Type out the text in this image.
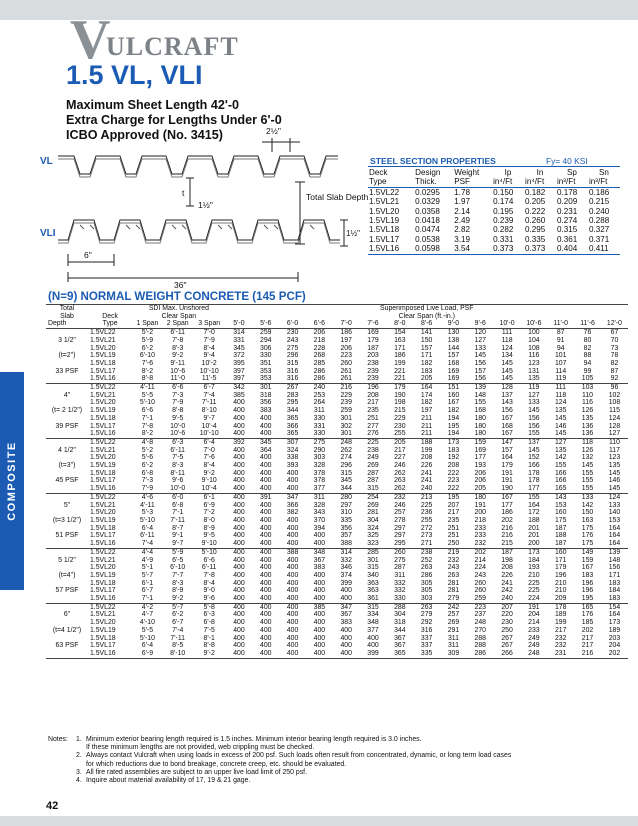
V
ULCRAFT
1.5 VL, VLI
Maximum Sheet Length 42'-0
Extra Charge for Lengths Under 6'-0
ICBO Approved (No. 3415)	2½"
VL
VLI
Total Slab Depth
t
1½"
1½"
6"
36"
STEEL SECTION PROPERTIES	Fy= 40 KSI
Deck	Design	Weight	Ip	In	Sp	Sn
Type	Thick.	PSF	in⁴/Ft	in⁴/Ft	in³/Ft	in³/Ft
1.5VL22	0.0295	1.78	0.150	0.182	0.178	0.186
1.5VL21	0.0329	1.97	0.174	0.205	0.209	0.215
1.5VL20	0.0358	2.14	0.195	0.222	0.231	0.240
1.5VL19	0.0418	2.49	0.239	0.260	0.274	0.288
1.5VL18	0.0474	2.82	0.282	0.295	0.315	0.327
1.5VL17	0.0538	3.19	0.331	0.335	0.361	0.371
1.5VL16	0.0598	3.54	0.373	0.373	0.404	0.411
(N=9) NORMAL WEIGHT CONCRETE (145 PCF)
COMPOSITE
Total		SDI Max. Unshored			Superimposed Live Load, PSF														
Slab	Deck	Clear Span			Clear Span (ft.-in.)														
Depth	Type	1 Span	2 Span	3 Span	5'-0	5'-6	6'-0	6'-6	7'-0	7'-6	8'-0	8'-6	9'-0	9'-6	10'-0	10'-6	11'-0	11'-6	12'-0
	1.5VL22	5'-2	6'-11	7'-0	314	259	230	206	186	169	154	141	130	120	111	100	87	76	67
3 1/2"	1.5VL21	5'-9	7'-8	7'-9	331	294	243	218	197	179	163	150	138	127	118	104	91	80	70
	1.5VL20	6'-2	8'-3	8'-4	345	306	275	228	206	187	171	157	144	133	124	108	94	82	73
(t=2")	1.5VL19	6'-10	9'-2	9'-4	372	330	296	268	223	203	186	171	157	145	134	116	101	88	78
	1.5VL18	7'-6	9'-11	10'-2	395	351	315	285	260	238	199	182	168	156	145	123	107	94	82
33 PSF	1.5VL17	8'-2	10'-6	10'-10	397	353	316	286	261	239	221	183	169	157	145	131	114	99	87
	1.5VL16	8'-8	11'-0	11'-5	397	353	316	286	261	239	221	205	169	156	145	135	119	105	92
	1.5VL22	4'-11	6'-6	6'-7	342	301	267	240	216	196	179	164	151	139	128	119	111	103	96
4"	1.5VL21	5'-5	7'-3	7'-4	385	318	283	253	229	208	190	174	160	148	137	127	118	110	102
	1.5VL20	5'-10	7'-9	7'-11	400	356	295	264	239	217	198	182	167	155	143	133	124	116	108
(t= 2 1/2")	1.5VL19	6'-6	8'-8	8'-10	400	383	344	311	259	235	215	197	182	168	156	145	135	126	115
	1.5VL18	7'-1	9'-5	9'-7	400	400	365	330	301	251	229	211	194	180	167	156	145	135	124
39 PSF	1.5VL17	7'-8	10'-0	10'-4	400	400	366	331	302	277	230	211	195	180	168	156	146	136	128
	1.5VL16	8'-2	10'-6	10'-10	400	400	365	330	301	276	255	211	194	180	167	155	145	136	127
	1.5VL22	4'-8	6'-3	6'-4	392	345	307	275	248	225	205	188	173	159	147	137	127	118	110
4 1/2"	1.5VL21	5'-2	6'-11	7'-0	400	364	324	290	262	238	217	199	183	169	157	145	135	126	117
	1.5VL20	5'-6	7'-5	7'-6	400	400	338	303	274	249	227	208	192	177	164	152	142	132	123
(t=3")	1.5VL19	6'-2	8'-3	8'-4	400	400	393	328	296	269	246	226	208	193	179	166	155	145	135
	1.5VL18	6'-8	8'-11	9'-2	400	400	400	378	315	287	262	241	222	206	191	178	166	155	145
45 PSF	1.5VL17	7'-3	9'-6	9'-10	400	400	400	378	345	287	263	241	223	206	191	178	166	155	146
	1.5VL16	7'-9	10'-0	10'-4	400	400	400	377	344	315	262	240	222	205	190	177	165	155	145
	1.5VL22	4'-6	6'-0	6'-1	400	391	347	311	280	254	232	213	195	180	167	155	143	133	124
5"	1.5VL21	4'-11	6'-8	6'-9	400	400	366	328	297	269	246	225	207	191	177	164	153	142	133
	1.5VL20	5'-3	7'-1	7'-2	400	400	382	343	310	281	257	236	217	200	186	172	160	150	140
(t=3 1/2")	1.5VL19	5'-10	7'-11	8'-0	400	400	400	370	335	304	278	255	235	218	202	188	175	163	153
	1.5VL18	6'-4	8'-7	8'-9	400	400	400	394	356	324	297	272	251	233	216	201	187	175	164
51 PSF	1.5VL17	6'-11	9'-1	9'-5	400	400	400	400	357	325	297	273	251	233	216	201	188	176	164
	1.5VL16	7'-4	9'-7	9'-10	400	400	400	400	388	323	295	271	250	232	215	200	187	175	164
	1.5VL22	4'-4	5'-9	5'-10	400	400	388	348	314	285	260	238	219	202	187	173	160	149	139
5 1/2"	1.5VL21	4'-9	6'-5	6'-6	400	400	400	367	332	301	275	252	232	214	198	184	171	159	148
	1.5VL20	5'-1	6'-10	6'-11	400	400	400	383	346	315	287	263	243	224	208	193	179	167	156
(t=4")	1.5VL19	5'-7	7'-7	7'-8	400	400	400	400	374	340	311	286	263	243	226	210	196	183	171
	1.5VL18	6'-1	8'-3	8'-4	400	400	400	400	399	363	332	305	281	260	241	225	210	196	183
57 PSF	1.5VL17	6'-7	8'-9	9'-0	400	400	400	400	400	363	332	305	281	260	242	225	210	196	184
	1.5VL16	7'-1	9'-2	9'-6	400	400	400	400	400	361	330	303	279	259	240	224	209	195	183
	1.5VL22	4'-2	5'-7	5'-8	400	400	400	385	347	315	288	263	242	223	207	191	178	165	154
6"	1.5VL21	4'-7	6'-2	6'-3	400	400	400	400	367	334	304	279	257	237	220	204	189	176	164
	1.5VL20	4'-10	6'-7	6'-8	400	400	400	400	383	348	318	292	269	248	230	214	199	185	173
(t=4 1/2")	1.5VL19	5'-5	7'-4	7'-5	400	400	400	400	400	377	344	316	291	270	250	233	217	202	189
	1.5VL18	5'-10	7'-11	8'-1	400	400	400	400	400	400	367	337	311	288	267	249	232	217	203
63 PSF	1.5VL17	6'-4	8'-5	8'-8	400	400	400	400	400	400	367	337	311	288	267	249	232	217	204
	1.5VL16	6'-9	8'-10	9'-2	400	400	400	400	400	399	365	335	309	286	266	248	231	216	202
Notes: 1. Minimum exterior bearing length required is 1.5 inches. Minimum interior bearing length required is 3.0 inches.
If these minimum lengths are not provided, web crippling must be checked.
2. Always contact Vulcraft when using loads in excess of 200 psf. Such loads often result from concentrated, dynamic, or long term load cases
for which reductions due to bond breakage, concrete creep, etc. should be evaluated.
3. All fire rated assemblies are subject to an upper live load limit of 250 psf.
4. Inquire about material availability of 17, 19 & 21 gage.
42
